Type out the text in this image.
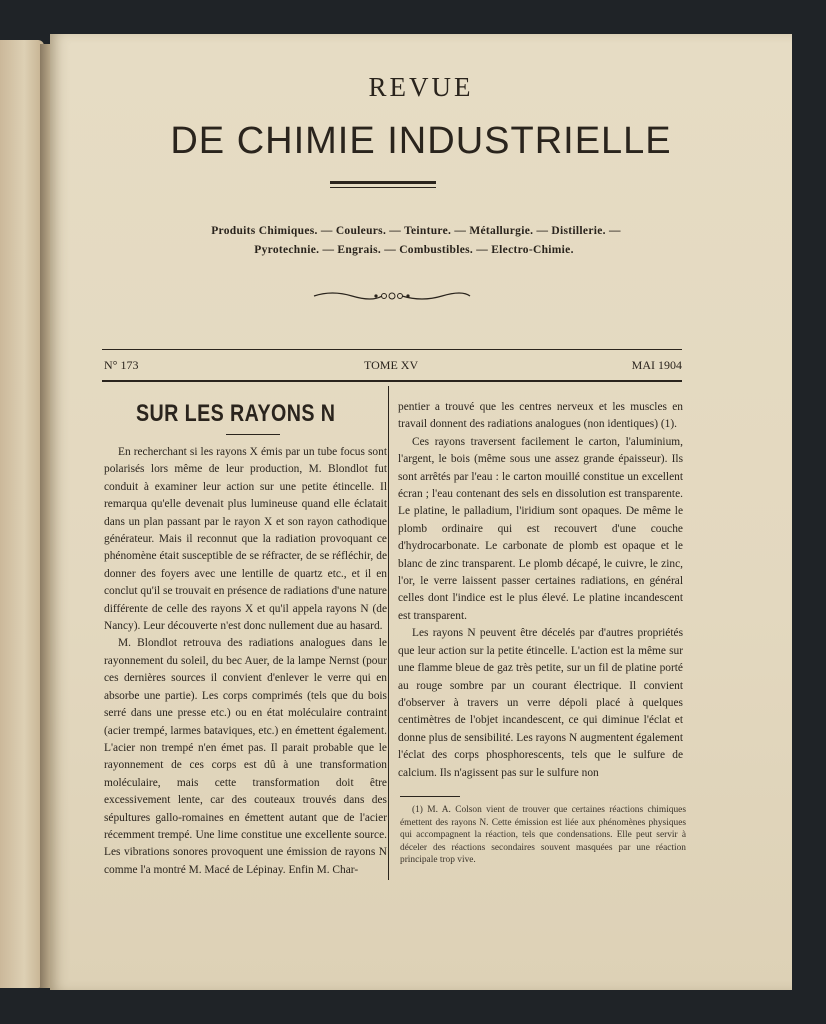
REVUE
DE CHIMIE INDUSTRIELLE
Produits Chimiques. — Couleurs. — Teinture. — Métallurgie. — Distillerie. —
Pyrotechnie. — Engrais. — Combustibles. — Electro-Chimie.
N° 173	TOME XV	MAI 1904
SUR LES RAYONS N

En recherchant si les rayons X émis par un tube focus sont polarisés lors même de leur production, M. Blondlot fut conduit à examiner leur action sur une petite étincelle. Il remarqua qu'elle devenait plus lumineuse quand elle éclatait dans un plan passant par le rayon X et son rayon cathodique générateur. Mais il reconnut que la radiation provoquant ce phénomène était susceptible de se réfracter, de se réfléchir, de donner des foyers avec une lentille de quartz etc., et il en conclut qu'il se trouvait en présence de radiations d'une nature différente de celle des rayons X et qu'il appela rayons N (de Nancy). Leur découverte n'est donc nullement due au hasard.

M. Blondlot retrouva des radiations analogues dans le rayonnement du soleil, du bec Auer, de la lampe Nernst (pour ces dernières sources il convient d'enlever le verre qui en absorbe une partie). Les corps comprimés (tels que du bois serré dans une presse etc.) ou en état moléculaire contraint (acier trempé, larmes bataviques, etc.) en émettent également. L'acier non trempé n'en émet pas. Il parait probable que le rayonnement de ces corps est dû à une transformation moléculaire, mais cette transformation doit être excessivement lente, car des couteaux trouvés dans des sépultures gallo-romaines en émettent autant que de l'acier récemment trempé. Une lime constitue une excellente source. Les vibrations sonores provoquent une émission de rayons N comme l'a montré M. Macé de Lépinay. Enfin M. Char-

pentier a trouvé que les centres nerveux et les muscles en travail donnent des radiations analogues (non identiques) (1).

Ces rayons traversent facilement le carton, l'aluminium, l'argent, le bois (même sous une assez grande épaisseur). Ils sont arrêtés par l'eau : le carton mouillé constitue un excellent écran ; l'eau contenant des sels en dissolution est transparente. Le platine, le palladium, l'iridium sont opaques. De même le plomb ordinaire qui est recouvert d'une couche d'hydrocarbonate. Le carbonate de plomb est opaque et le blanc de zinc transparent. Le plomb décapé, le cuivre, le zinc, l'or, le verre laissent passer certaines radiations, en général celles dont l'indice est le plus élevé. Le platine incandescent est transparent.

Les rayons N peuvent être décelés par d'autres propriétés que leur action sur la petite étincelle. L'action est la même sur une flamme bleue de gaz très petite, sur un fil de platine porté au rouge sombre par un courant électrique. Il convient d'observer à travers un verre dépoli placé à quelques centimètres de l'objet incandescent, ce qui diminue l'éclat et donne plus de sensibilité. Les rayons N augmentent également l'éclat des corps phosphorescents, tels que le sulfure de calcium. Ils n'agissent pas sur le sulfure non

(1) M. A. Colson vient de trouver que certaines réactions chimiques émettent des rayons N. Cette émission est liée aux phénomènes physiques qui accompagnent la réaction, tels que condensations. Elle peut servir à déceler des réactions secondaires souvent masquées par une réaction principale trop vive.
